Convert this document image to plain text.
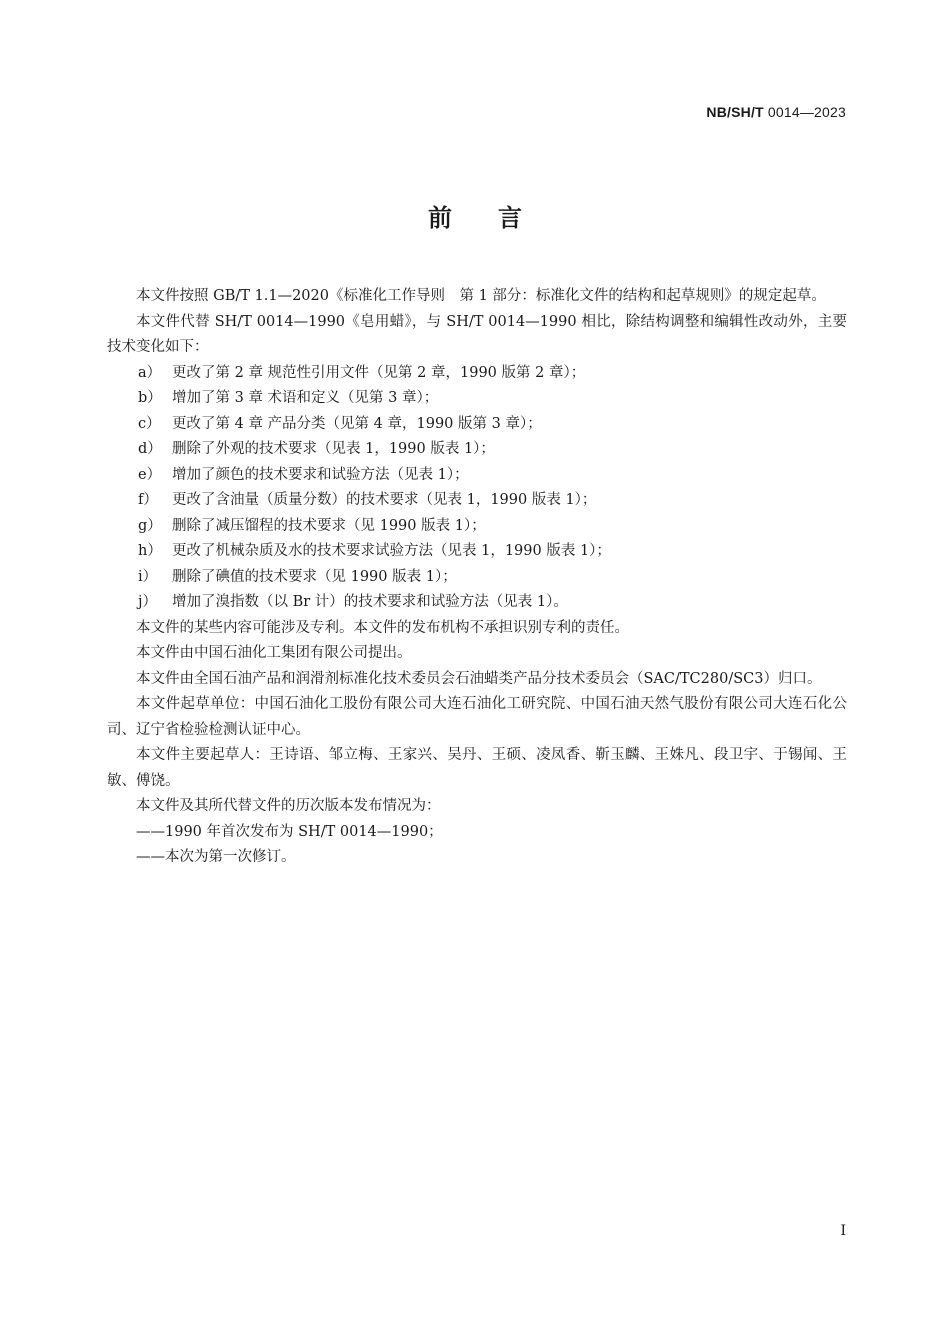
NB/SH/T 0014—2023
前言

本文件按照 GB/T 1.1—2020《标准化工作导则　第 1 部分：标准化文件的结构和起草规则》的规定起草。

本文件代替 SH/T 0014—1990《皂用蜡》，与 SH/T 0014—1990 相比，除结构调整和编辑性改动外，主要技术变化如下：

a） 更改了第 2 章 规范性引用文件（见第 2 章，1990 版第 2 章）；
b） 增加了第 3 章 术语和定义（见第 3 章）；
c） 更改了第 4 章 产品分类（见第 4 章，1990 版第 3 章）；
d） 删除了外观的技术要求（见表 1，1990 版表 1）；
e） 增加了颜色的技术要求和试验方法（见表 1）；
f） 更改了含油量（质量分数）的技术要求（见表 1，1990 版表 1）；
g） 删除了减压馏程的技术要求（见 1990 版表 1）；
h） 更改了机械杂质及水的技术要求试验方法（见表 1，1990 版表 1）；
i）	删除了碘值的技术要求（见 1990 版表 1）；
j）	增加了溴指数（以 Br 计）的技术要求和试验方法（见表 1）。

本文件的某些内容可能涉及专利。本文件的发布机构不承担识别专利的责任。

本文件由中国石油化工集团有限公司提出。

本文件由全国石油产品和润滑剂标准化技术委员会石油蜡类产品分技术委员会（SAC/TC280/SC3）归口。

本文件起草单位：中国石油化工股份有限公司大连石油化工研究院、中国石油天然气股份有限公司大连石化公司、辽宁省检验检测认证中心。

本文件主要起草人：王诗语、邹立梅、王家兴、吴丹、王硕、凌凤香、靳玉麟、王姝凡、段卫宇、于锡闻、王敏、傅饶。

本文件及其所代替文件的历次版本发布情况为：

——1990 年首次发布为 SH/T 0014—1990；

——本次为第一次修订。

I
